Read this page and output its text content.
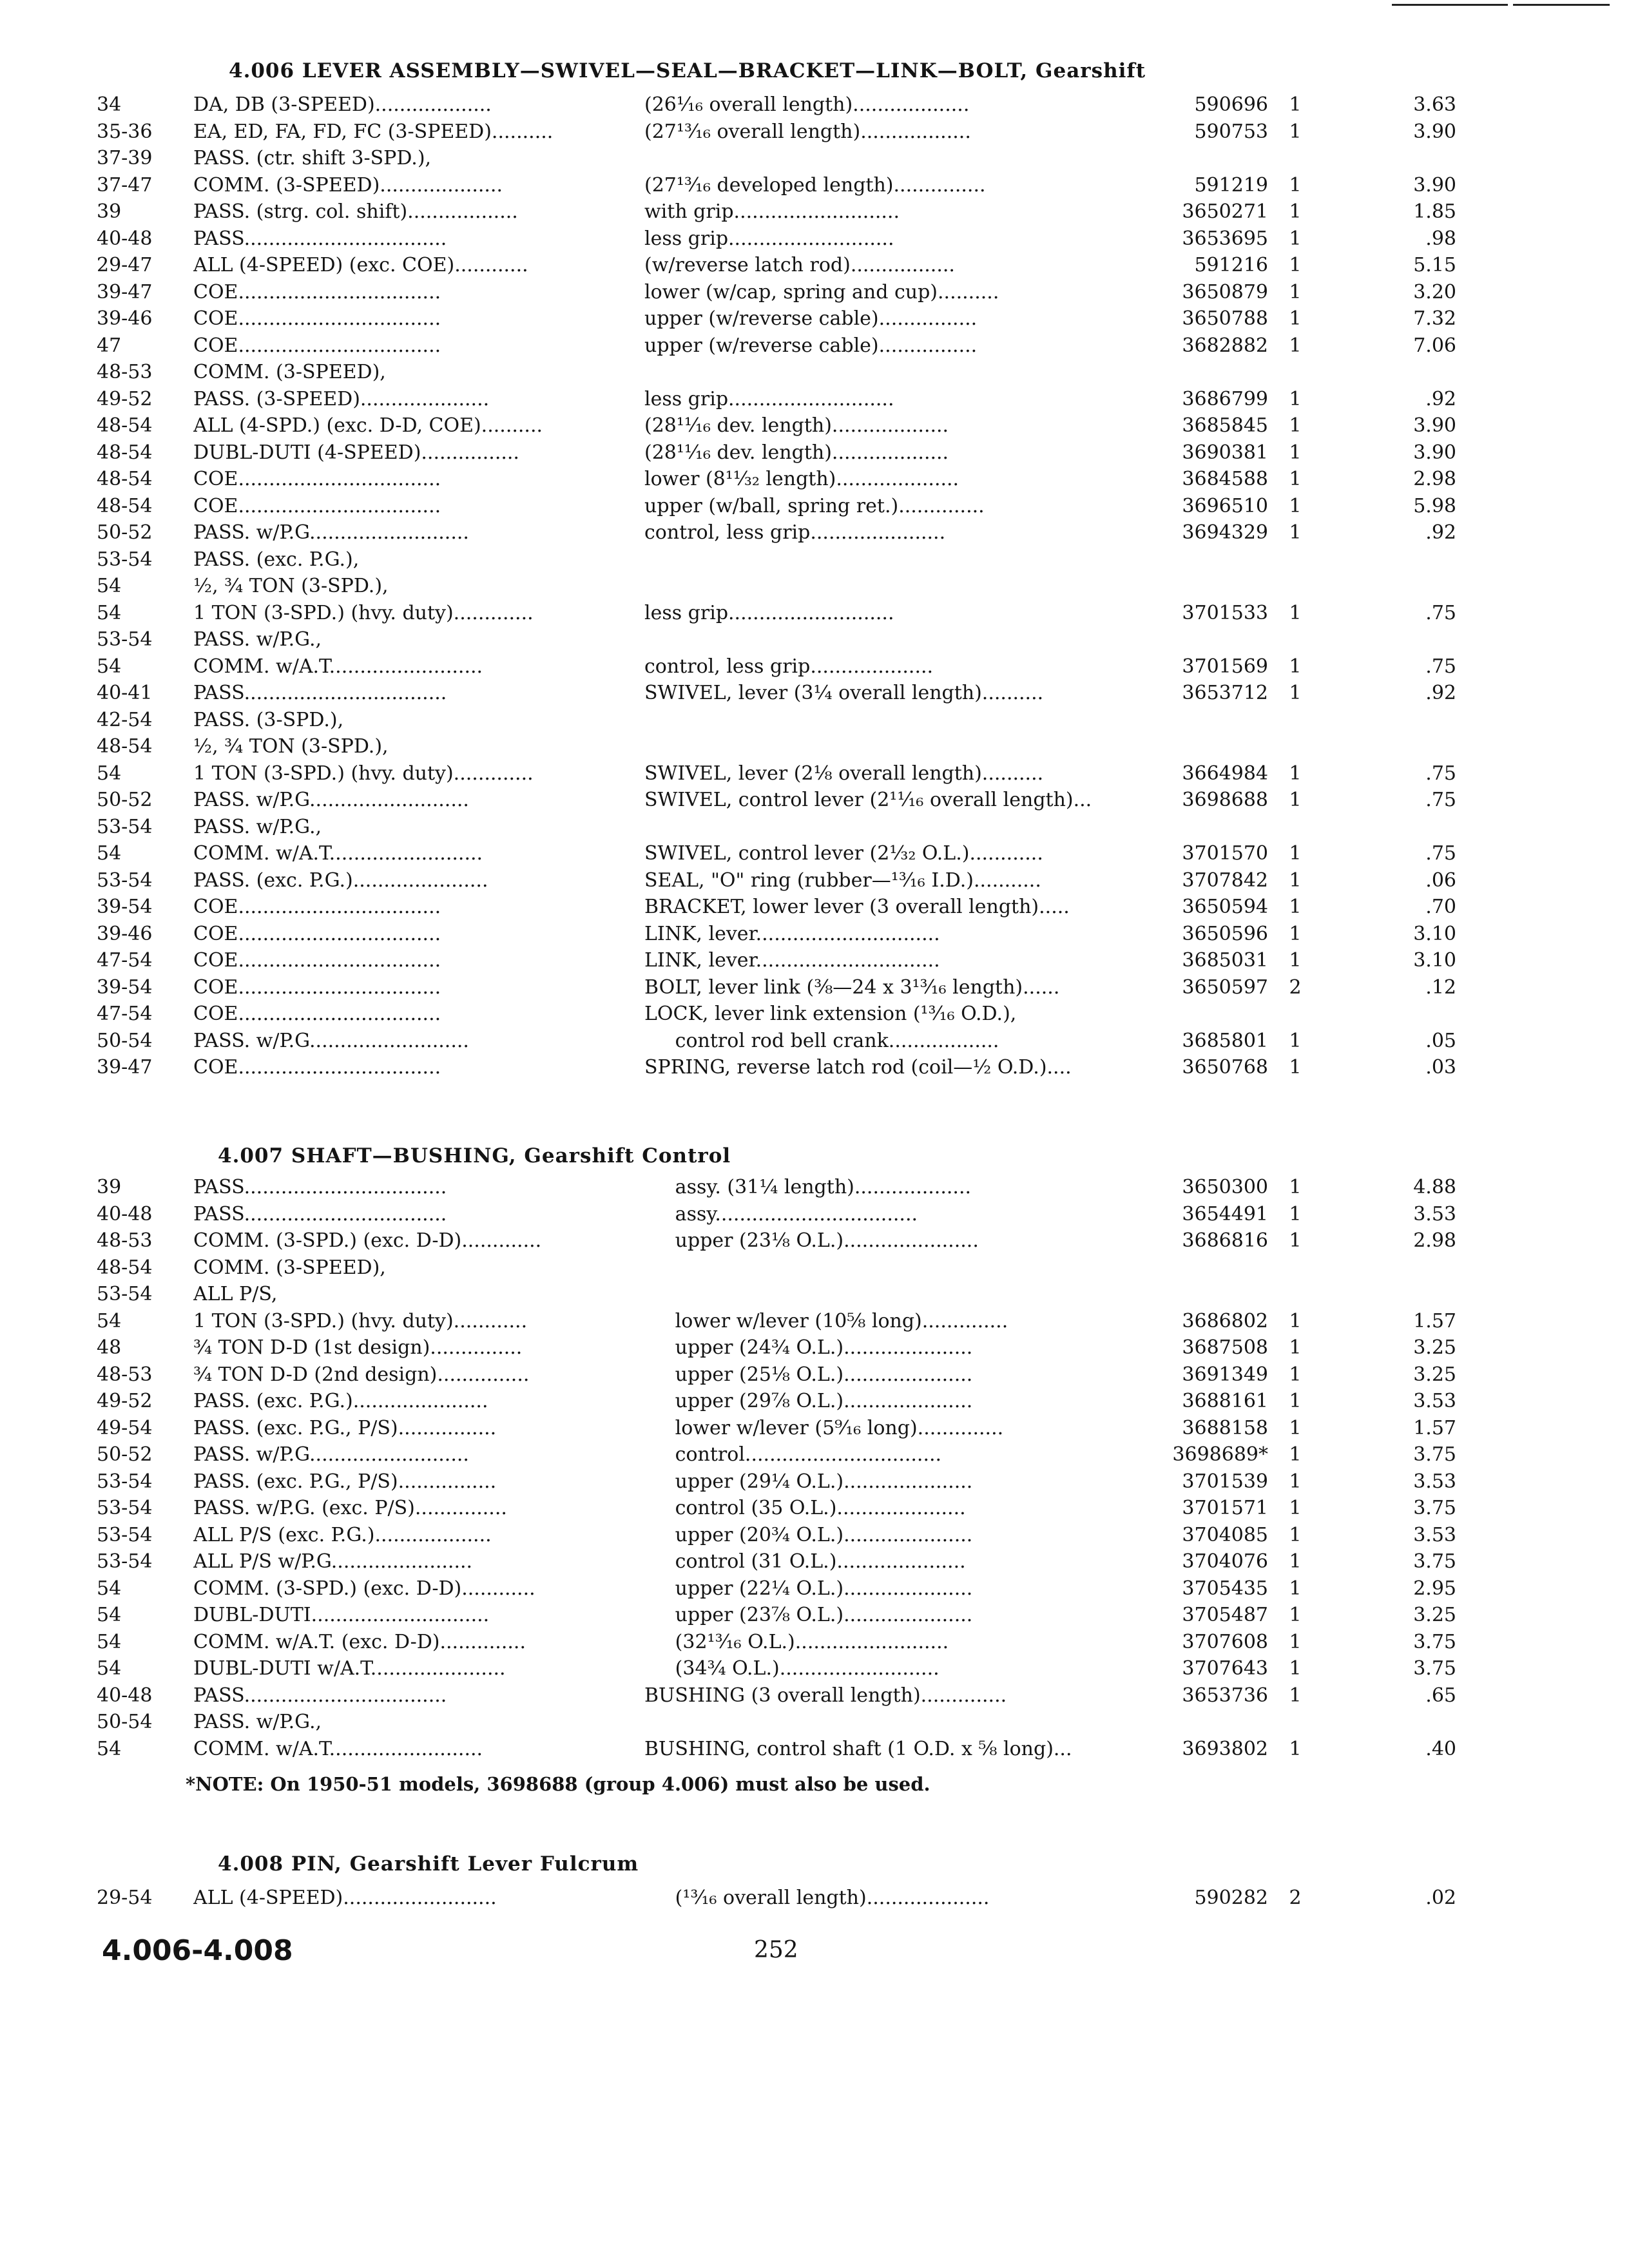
4.006 LEVER ASSEMBLY—SWIVEL—SEAL—BRACKET—LINK—BOLT, Gearshift
34	DA, DB (3-SPEED)...................	(26¹⁄₁₆ overall length)...................	590696	1	3.63
35-36	EA, ED, FA, FD, FC (3-SPEED)..........	(27¹³⁄₁₆ overall length)..................	590753	1	3.90
37-39	PASS. (ctr. shift 3-SPD.),
37-47	COMM. (3-SPEED)....................	(27¹³⁄₁₆ developed length)...............	591219	1	3.90
39	PASS. (strg. col. shift)..................	with grip...........................	3650271	1	1.85
40-48	PASS.................................	less grip...........................	3653695	1	.98
29-47	ALL (4-SPEED) (exc. COE)............	(w/reverse latch rod).................	591216	1	5.15
39-47	COE.................................	lower (w/cap, spring and cup)..........	3650879	1	3.20
39-46	COE.................................	upper (w/reverse cable)................	3650788	1	7.32
47	COE.................................	upper (w/reverse cable)................	3682882	1	7.06
48-53	COMM. (3-SPEED),
49-52	PASS. (3-SPEED).....................	less grip...........................	3686799	1	.92
48-54	ALL (4-SPD.) (exc. D-D, COE)..........	(28¹¹⁄₁₆ dev. length)...................	3685845	1	3.90
48-54	DUBL-DUTI (4-SPEED)................	(28¹¹⁄₁₆ dev. length)...................	3690381	1	3.90
48-54	COE.................................	lower (8¹¹⁄₃₂ length)....................	3684588	1	2.98
48-54	COE.................................	upper (w/ball, spring ret.)..............	3696510	1	5.98
50-52	PASS. w/P.G..........................	control, less grip......................	3694329	1	.92
53-54	PASS. (exc. P.G.),
54	½, ¾ TON (3-SPD.),
54	1 TON (3-SPD.) (hvy. duty).............	less grip...........................	3701533	1	.75
53-54	PASS. w/P.G.,
54	COMM. w/A.T.........................	control, less grip....................	3701569	1	.75
40-41	PASS.................................	SWIVEL, lever (3¼ overall length)..........	3653712	1	.92
42-54	PASS. (3-SPD.),
48-54	½, ¾ TON (3-SPD.),
54	1 TON (3-SPD.) (hvy. duty).............	SWIVEL, lever (2⅛ overall length)..........	3664984	1	.75
50-52	PASS. w/P.G..........................	SWIVEL, control lever (2¹¹⁄₁₆ overall length)...	3698688	1	.75
53-54	PASS. w/P.G.,
54	COMM. w/A.T.........................	SWIVEL, control lever (2¹⁄₃₂ O.L.)............	3701570	1	.75
53-54	PASS. (exc. P.G.)......................	SEAL, "O" ring (rubber—¹³⁄₁₆ I.D.)...........	3707842	1	.06
39-54	COE.................................	BRACKET, lower lever (3 overall length).....	3650594	1	.70
39-46	COE.................................	LINK, lever..............................	3650596	1	3.10
47-54	COE.................................	LINK, lever..............................	3685031	1	3.10
39-54	COE.................................	BOLT, lever link (⅜—24 x 3¹³⁄₁₆ length)......	3650597	2	.12
47-54	COE.................................	LOCK, lever link extension (¹³⁄₁₆ O.D.),
50-54	PASS. w/P.G..........................	control rod bell crank..................	3685801	1	.05
39-47	COE.................................	SPRING, reverse latch rod (coil—½ O.D.)....	3650768	1	.03
4.007 SHAFT—BUSHING, Gearshift Control
39	PASS.................................	assy. (31¼ length)...................	3650300	1	4.88
40-48	PASS.................................	assy.................................	3654491	1	3.53
48-53	COMM. (3-SPD.) (exc. D-D).............	upper (23⅛ O.L.)......................	3686816	1	2.98
48-54	COMM. (3-SPEED),
53-54	ALL P/S,
54	1 TON (3-SPD.) (hvy. duty)............	lower w/lever (10⅝ long)..............	3686802	1	1.57
48	¾ TON D-D (1st design)...............	upper (24¾ O.L.).....................	3687508	1	3.25
48-53	¾ TON D-D (2nd design)...............	upper (25⅛ O.L.).....................	3691349	1	3.25
49-52	PASS. (exc. P.G.)......................	upper (29⅞ O.L.).....................	3688161	1	3.53
49-54	PASS. (exc. P.G., P/S)................	lower w/lever (5⁹⁄₁₆ long)..............	3688158	1	1.57
50-52	PASS. w/P.G..........................	control................................	3698689*	1	3.75
53-54	PASS. (exc. P.G., P/S)................	upper (29¼ O.L.).....................	3701539	1	3.53
53-54	PASS. w/P.G. (exc. P/S)...............	control (35 O.L.).....................	3701571	1	3.75
53-54	ALL P/S (exc. P.G.)...................	upper (20¾ O.L.).....................	3704085	1	3.53
53-54	ALL P/S w/P.G.......................	control (31 O.L.).....................	3704076	1	3.75
54	COMM. (3-SPD.) (exc. D-D)............	upper (22¼ O.L.).....................	3705435	1	2.95
54	DUBL-DUTI.............................	upper (23⅞ O.L.).....................	3705487	1	3.25
54	COMM. w/A.T. (exc. D-D)..............	(32¹³⁄₁₆ O.L.).........................	3707608	1	3.75
54	DUBL-DUTI w/A.T......................	(34¾ O.L.)..........................	3707643	1	3.75
40-48	PASS.................................	BUSHING (3 overall length)..............	3653736	1	.65
50-54	PASS. w/P.G.,
54	COMM. w/A.T.........................	BUSHING, control shaft (1 O.D. x ⅝ long)...	3693802	1	.40
*NOTE: On 1950-51 models, 3698688 (group 4.006) must also be used.
4.008 PIN, Gearshift Lever Fulcrum
29-54	ALL (4-SPEED).........................	(¹³⁄₁₆ overall length)....................	590282	2	.02
4.006-4.008	252
